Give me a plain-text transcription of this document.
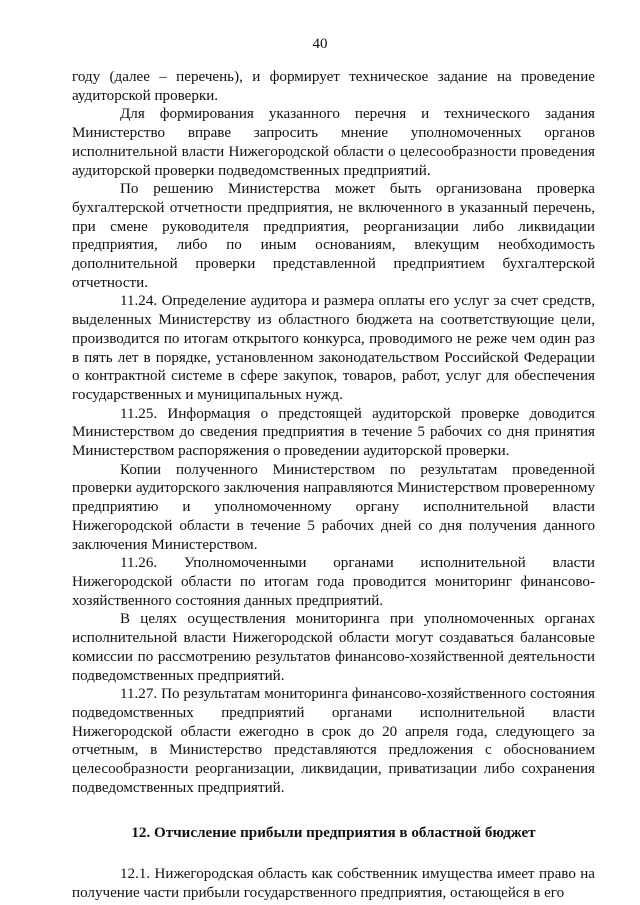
40

году (далее – перечень), и формирует техническое задание на проведение аудиторской проверки.

Для формирования указанного перечня и технического задания Министерство вправе запросить мнение уполномоченных органов исполнительной власти Нижегородской области о целесообразности проведения аудиторской проверки подведомственных предприятий.

По решению Министерства может быть организована проверка бухгалтерской отчетности предприятия, не включенного в указанный перечень, при смене руководителя предприятия, реорганизации либо ликвидации предприятия, либо по иным основаниям, влекущим необходимость дополнительной проверки представленной предприятием бухгалтерской отчетности.

11.24. Определение аудитора и размера оплаты его услуг за счет средств, выделенных Министерству из областного бюджета на соответствующие цели, производится по итогам открытого конкурса, проводимого не реже чем один раз в пять лет в порядке, установленном законодательством Российской Федерации о контрактной системе в сфере закупок, товаров, работ, услуг для обеспечения государственных и муниципальных нужд.

11.25. Информация о предстоящей аудиторской проверке доводится Министерством до сведения предприятия в течение 5 рабочих со дня принятия Министерством распоряжения о проведении аудиторской проверки.

Копии полученного Министерством по результатам проведенной проверки аудиторского заключения направляются Министерством проверенному предприятию и уполномоченному органу исполнительной власти Нижегородской области в течение 5 рабочих дней со дня получения данного заключения Министерством.

11.26. Уполномоченными органами исполнительной власти Нижегородской области по итогам года проводится мониторинг финансово-хозяйственного состояния данных предприятий.

В целях осуществления мониторинга при уполномоченных органах исполнительной власти Нижегородской области могут создаваться балансовые комиссии по рассмотрению результатов финансово-хозяйственной деятельности подведомственных предприятий.

11.27. По результатам мониторинга финансово-хозяйственного состояния подведомственных предприятий органами исполнительной власти Нижегородской области ежегодно в срок до 20 апреля года, следующего за отчетным, в Министерство представляются предложения с обоснованием целесообразности реорганизации, ликвидации, приватизации либо сохранения подведомственных предприятий.

12. Отчисление прибыли предприятия в областной бюджет

12.1. Нижегородская область как собственник имущества имеет право на получение части прибыли государственного предприятия, остающейся в его
